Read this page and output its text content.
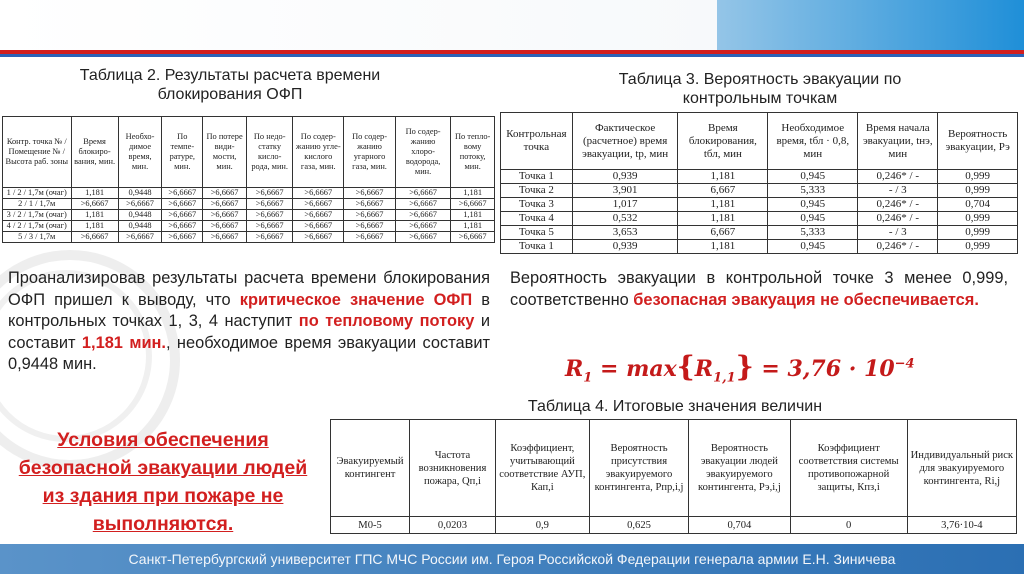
Таблица 2. Результаты расчета времени
блокирования ОФП
Контр. точка № / Помещение № / Высота раб. зоны	Время блокиро-вания, мин.	Необхо-димое время, мин.	По темпе-ратуре, мин.	По потере види-мости, мин.	По недо-статку кисло-рода, мин.	По содер-жанию угле-кислого газа, мин.	По содер-жанию угарного газа, мин.	По содер-жанию хлоро-водорода, мин.	По тепло-вому потоку, мин.
1 / 2 / 1,7м (очаг)	1,181	0,9448	>6,6667	>6,6667	>6,6667	>6,6667	>6,6667	>6,6667	1,181
2 / 1 / 1,7м	>6,6667	>6,6667	>6,6667	>6,6667	>6,6667	>6,6667	>6,6667	>6,6667	>6,6667
3 / 2 / 1,7м (очаг)	1,181	0,9448	>6,6667	>6,6667	>6,6667	>6,6667	>6,6667	>6,6667	1,181
4 / 2 / 1,7м (очаг)	1,181	0,9448	>6,6667	>6,6667	>6,6667	>6,6667	>6,6667	>6,6667	1,181
5 / 3 / 1,7м	>6,6667	>6,6667	>6,6667	>6,6667	>6,6667	>6,6667	>6,6667	>6,6667	>6,6667
Таблица 3. Вероятность эвакуации по
контрольным точкам
Контрольная точка	Фактическое (расчетное) время эвакуации, tр, мин	Время блокирования, tбл, мин	Необходимое время, tбл · 0,8, мин	Время начала эвакуации, tнэ, мин	Вероятность эвакуации, Рэ
Точка 1	0,939	1,181	0,945	0,246* / -	0,999
Точка 2	3,901	6,667	5,333	- / 3	0,999
Точка 3	1,017	1,181	0,945	0,246* / -	0,704
Точка 4	0,532	1,181	0,945	0,246* / -	0,999
Точка 5	3,653	6,667	5,333	- / 3	0,999
Точка 1	0,939	1,181	0,945	0,246* / -	0,999
Проанализировав результаты расчета времени блокирования ОФП пришел к выводу, что критическое значение ОФП в контрольных точках 1, 3, 4 наступит по тепловому потоку и составит 1,181 мин., необходимое время эвакуации составит 0,9448 мин.
Вероятность эвакуации в контрольной точке 3 менее 0,999, соответственно безопасная эвакуация не обеспечивается.
$R_1 = \max\{R_{1,1}\} = 3,76 \cdot 10^{-4}$
Таблица 4. Итоговые значения величин
Условия обеспечения безопасной эвакуации людей из здания при пожаре не выполняются.
Эвакуируемый контингент	Частота возникновения пожара, Qп,i	Коэффициент, учитывающий соответствие АУП, Кап,i	Вероятность присутствия эвакуируемого контингента, Рпр,i,j	Вероятность эвакуации людей эвакуируемого контингента, Рэ,i,j	Коэффициент соответствия системы противопожарной защиты, Кпз,i	Индивидуальный риск для эвакуируемого контингента, Ri,j
М0-5	0,0203	0,9	0,625	0,704	0	3,76·10-4
Санкт-Петербургский университет ГПС МЧС России им. Героя Российской Федерации генерала армии Е.Н. Зиничева
